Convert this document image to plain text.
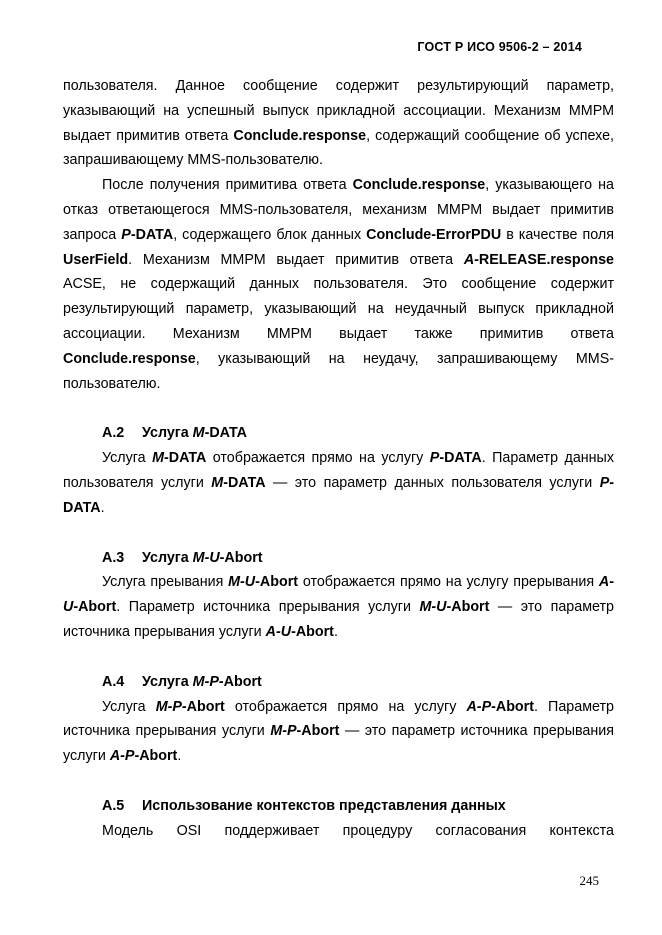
ГОСТ Р ИСО 9506-2 – 2014

пользователя. Данное сообщение содержит результирующий параметр, указывающий на успешный выпуск прикладной ассоциации. Механизм ММРМ выдает примитив ответа Conclude.response, содержащий сообщение об успехе, запрашивающему MMS-пользователю.

После получения примитива ответа Conclude.response, указывающего на отказ ответающегося MMS-пользователя, механизм ММРМ выдает примитив запроса P-DATA, содержащего блок данных Conclude-ErrorPDU в качестве поля UserField. Механизм ММРМ выдает примитив ответа A-RELEASE.response ACSE, не содержащий данных пользователя. Это сообщение содержит результирующий параметр, указывающий на неудачный выпуск прикладной ассоциации. Механизм ММРМ выдает также примитив ответа Conclude.response, указывающий на неудачу, запрашивающему MMS-пользователю.

A.2 Услуга M-DATA

Услуга M-DATA отображается прямо на услугу P-DATA. Параметр данных пользователя услуги M-DATA — это параметр данных пользователя услуги P-DATA.

A.3 Услуга M-U-Abort

Услуга преывания M-U-Abort отображается прямо на услугу прерывания A-U-Abort. Параметр источника прерывания услуги M-U-Abort — это параметр источника прерывания услуги A-U-Abort.

A.4 Услуга M-P-Abort

Услуга M-P-Abort отображается прямо на услугу A-P-Abort. Параметр источника прерывания услуги M-P-Abort — это параметр источника прерывания услуги A-P-Abort.

A.5 Использование контекстов представления данных

Модель OSI поддерживает процедуру согласования контекста

245
